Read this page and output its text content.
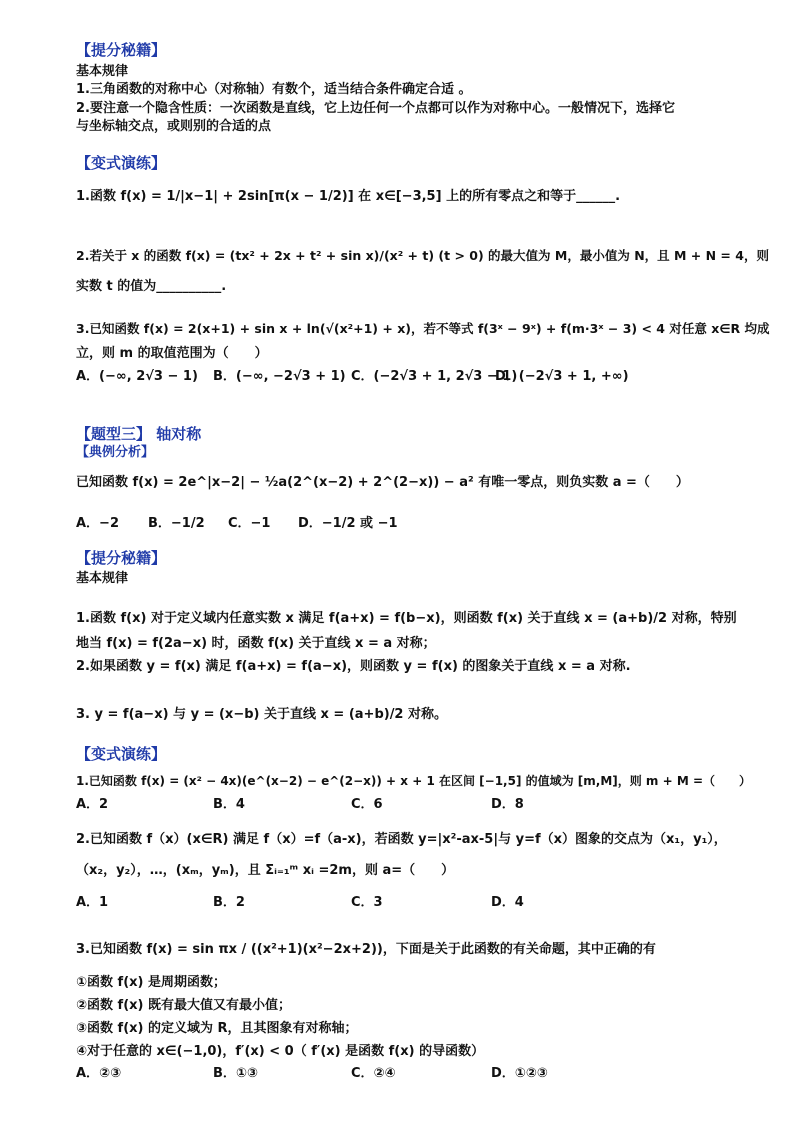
【提分秘籍】
基本规律
1.三角函数的对称中心（对称轴）有数个，适当结合条件确定合适 。
2.要注意一个隐含性质：一次函数是直线，它上边任何一个点都可以作为对称中心。一般情况下，选择它
与坐标轴交点，或则别的合适的点
【变式演练】
1.函数 f(x) = 1/|x−1| + 2sin[π(x − 1/2)] 在 x∈[−3,5] 上的所有零点之和等于______.
2.若关于 x 的函数 f(x) = (tx² + 2x + t² + sin x)/(x² + t) (t > 0) 的最大值为 M，最小值为 N，且 M + N = 4，则
实数 t 的值为__________.
3.已知函数 f(x) = 2(x+1) + sin x + ln(√(x²+1) + x)，若不等式 f(3ˣ − 9ˣ) + f(m·3ˣ − 3) < 4 对任意 x∈R 均成
立，则 m 的取值范围为（　　）
A．(−∞, 2√3 − 1) B．(−∞, −2√3 + 1) C．(−2√3 + 1, 2√3 − 1)
D．(−2√3 + 1, +∞)
【题型三】 轴对称
【典例分析】
已知函数 f(x) = 2e^|x−2| − ½a(2^(x−2) + 2^(2−x)) − a² 有唯一零点，则负实数 a =（　　）
A．−2 B．−1/2 C．−1 D．−1/2 或 −1
【提分秘籍】
基本规律
1.函数 f(x) 对于定义域内任意实数 x 满足 f(a+x) = f(b−x)，则函数 f(x) 关于直线 x = (a+b)/2 对称，特别
地当 f(x) = f(2a−x) 时，函数 f(x) 关于直线 x = a 对称；
2.如果函数 y = f(x) 满足 f(a+x) = f(a−x)，则函数 y = f(x) 的图象关于直线 x = a 对称.
3. y = f(a−x) 与 y = (x−b) 关于直线 x = (a+b)/2 对称。
【变式演练】
1.已知函数 f(x) = (x² − 4x)(e^(x−2) − e^(2−x)) + x + 1 在区间 [−1,5] 的值域为 [m,M]，则 m + M =（　　）
A．2	B．4	C．6	D．8
2.已知函数 f（x）(x∈R) 满足 f（x）=f（a-x)，若函数 y=|x²-ax-5|与 y=f（x）图象的交点为（x₁，y₁），
（x₂，y₂），…，(xₘ，yₘ)，且 Σᵢ₌₁ᵐ xᵢ =2m，则 a=（　　）
A．1	B．2	C．3	D．4
3.已知函数 f(x) = sin πx / ((x²+1)(x²−2x+2))，下面是关于此函数的有关命题，其中正确的有
①函数 f(x) 是周期函数；
②函数 f(x) 既有最大值又有最小值；
③函数 f(x) 的定义域为 R，且其图象有对称轴；
④对于任意的 x∈(−1,0)，f′(x) < 0（ f′(x) 是函数 f(x) 的导函数）
A．②③	B．①③	C．②④	D．①②③
